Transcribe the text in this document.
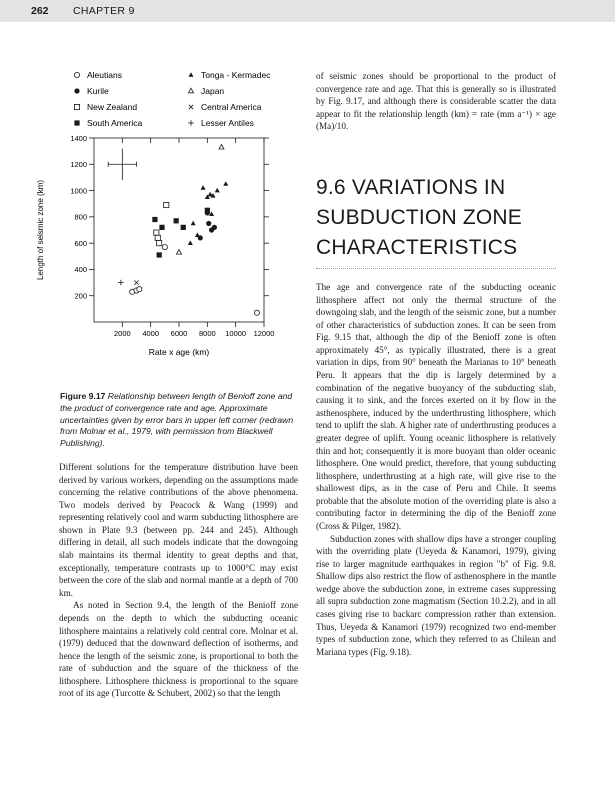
262 CHAPTER 9
Aleutians	Tonga - Kermadec
Kurile	Japan
New Zealand	Central America
South America	Lesser Antiles
2000 4000 6000 8000 10000 12000
200
400
600
800
1000
1200
1400
Rate x age (km)
Length of seismic zone (km)
Figure 9.17 Relationship between length of Benioff zone and the product of convergence rate and age. Approximate uncertainties given by error bars in upper left corner (redrawn from Molnar et al., 1979, with permission from Blackwell Publishing).

Different solutions for the temperature distribution have been derived by various workers, depending on the assumptions made concerning the relative contributions of the above phenomena. Two models derived by Peacock & Wang (1999) and representing relatively cool and warm subducting lithosphere are shown in Plate 9.3 (between pp. 244 and 245). Although differing in detail, all such models indicate that the downgoing slab maintains its thermal identity to great depths and that, exceptionally, temperature contrasts up to 1000°C may exist between the core of the slab and normal mantle at a depth of 700 km.

As noted in Section 9.4, the length of the Benioff zone depends on the depth to which the subducting oceanic lithosphere maintains a relatively cold central core. Molnar et al. (1979) deduced that the downward deflection of isotherms, and hence the length of the seismic zone, is proportional to both the rate of subduction and the square of the thickness of the lithosphere. Lithosphere thickness is proportional to the square root of its age (Turcotte & Schubert, 2002) so that the length

of seismic zones should be proportional to the product of convergence rate and age. That this is generally so is illustrated by Fig. 9.17, and although there is considerable scatter the data appear to fit the relationship length (km) = rate (mm a⁻¹) × age (Ma)/10.

9.6 VARIATIONS IN SUBDUCTION ZONE CHARACTERISTICS

The age and convergence rate of the subducting oceanic lithosphere affect not only the thermal structure of the downgoing slab, and the length of the seismic zone, but a number of other characteristics of subduction zones. It can be seen from Fig. 9.15 that, although the dip of the Benioff zone is often approximately 45°, as typically illustrated, there is a great variation in dips, from 90° beneath the Marianas to 10° beneath Peru. It appears that the dip is largely determined by a combination of the negative buoyancy of the subducting slab, causing it to sink, and the forces exerted on it by flow in the asthenosphere, induced by the underthrusting lithosphere, which tend to uplift the slab. A higher rate of underthrusting produces a greater degree of uplift. Young oceanic lithosphere is relatively thin and hot; consequently it is more buoyant than older oceanic lithosphere. One would predict, therefore, that young subducting lithosphere, underthrusting at a high rate, will give rise to the shallowest dips, as in the case of Peru and Chile. It seems probable that the absolute motion of the overriding plate is also a contributing factor in determining the dip of the Benioff zone (Cross & Pilger, 1982).

Subduction zones with shallow dips have a stronger coupling with the overriding plate (Ueyeda & Kanamori, 1979), giving rise to larger magnitude earthquakes in region "b" of Fig. 9.8. Shallow dips also restrict the flow of asthenosphere in the mantle wedge above the subduction zone, in extreme cases suppressing all supra subduction zone magmatism (Section 10.2.2), and in all cases giving rise to backarc compression rather than extension. Thus, Ueyeda & Kanamori (1979) recognized two end-member types of subduction zone, which they referred to as Chilean and Mariana types (Fig. 9.18).
